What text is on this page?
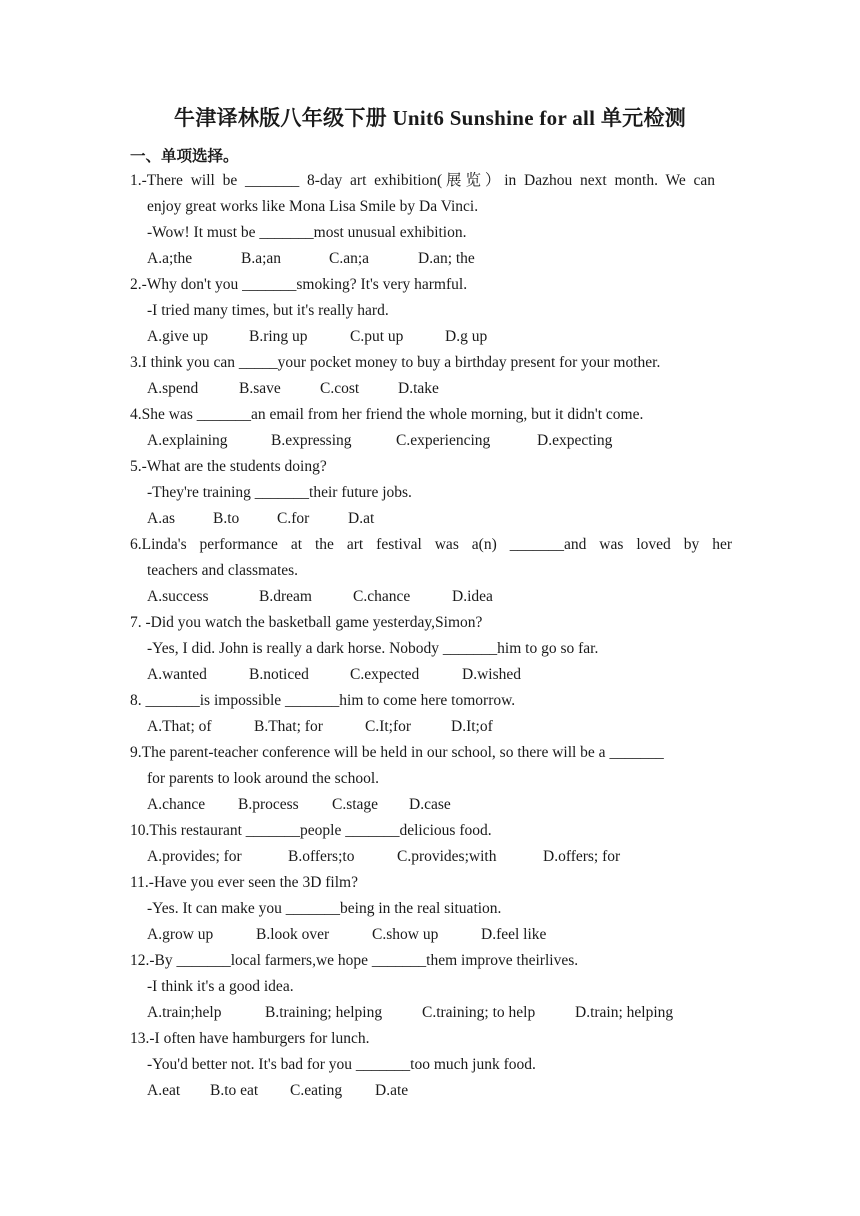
牛津译林版八年级下册 Unit6 Sunshine for all 单元检测
一、单项选择。
1.-There will be _______ 8-day art exhibition(展览）in Dazhou next month. We can
enjoy great works like Mona Lisa Smile by Da Vinci.
-Wow! It must be _______most unusual exhibition.
A.a;the	B.a;an	C.an;a	D.an; the
2.-Why don't you _______smoking? It's very harmful.
-I tried many times, but it's really hard.
A.give up	B.ring up	C.put up	D.g up
3.I think you can _____your pocket money to buy a birthday present for your mother.
A.spend	B.save	C.cost	D.take
4.She was _______an email from her friend the whole morning, but it didn't come.
A.explaining	B.expressing	C.experiencing	D.expecting
5.-What are the students doing?
-They're training _______their future jobs.
A.as B.to C.for D.at
6.Linda's performance at the art festival was a(n) _______and was loved by her
teachers and classmates.
A.success	B.dream	C.chance	D.idea
7. -Did you watch the basketball game yesterday,Simon?
-Yes, I did. John is really a dark horse. Nobody _______him to go so far.
A.wanted	B.noticed	C.expected	D.wished
8. _______is impossible _______him to come here tomorrow.
A.That; of	B.That; for	C.It;for	D.It;of
9.The parent-teacher conference will be held in our school, so there will be a _______
for parents to look around the school.
A.chance B.process C.stage D.case
10.This restaurant _______people _______delicious food.
A.provides; for	B.offers;to	C.provides;with	D.offers; for
11.-Have you ever seen the 3D film?
-Yes. It can make you _______being in the real situation.
A.grow up	B.look over	C.show up	D.feel like
12.-By _______local farmers,we hope _______them improve theirlives.
-I think it's a good idea.
A.train;help	B.training; helping	C.training; to help	D.train; helping
13.-I often have hamburgers for lunch.
-You'd better not. It's bad for you _______too much junk food.
A.eat B.to eat C.eating D.ate
